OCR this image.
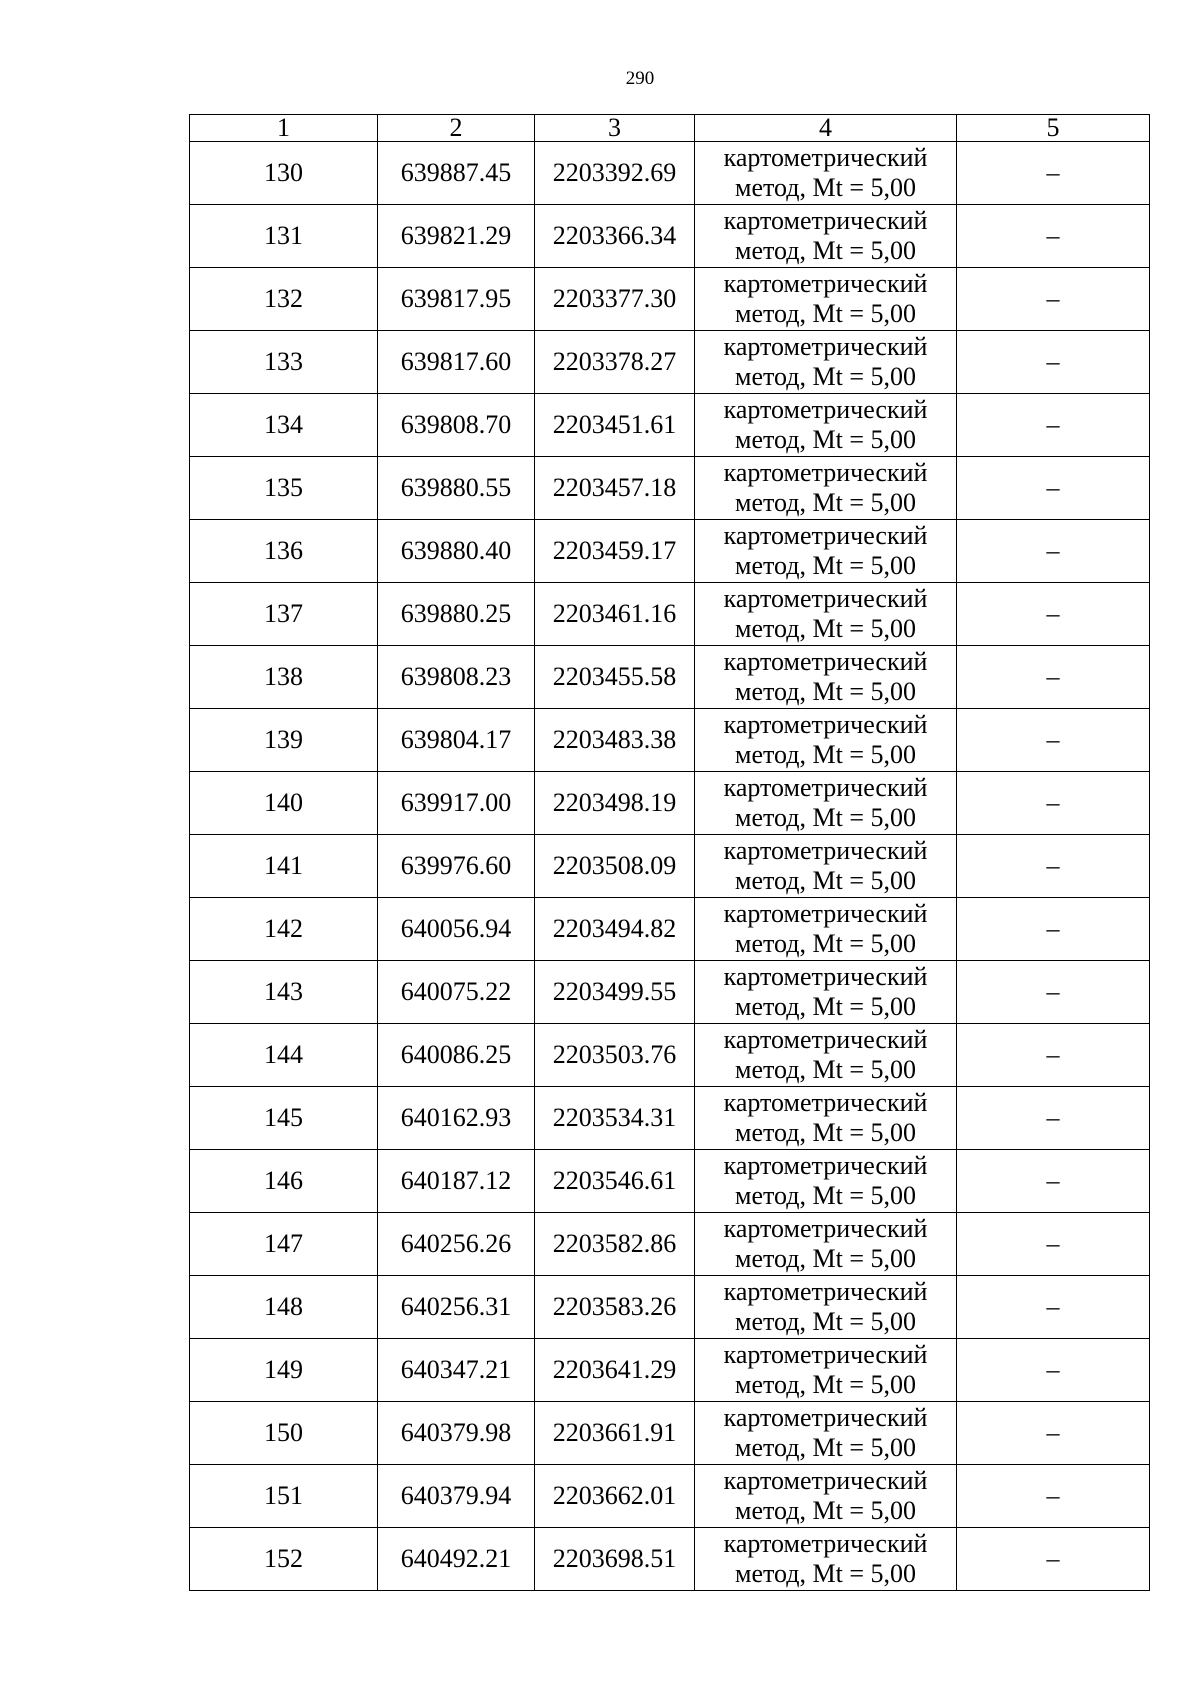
290
1	2	3	4	5
130	639887.45	2203392.69	картометрический
метод, Mt = 5,00	–
131	639821.29	2203366.34	картометрический
метод, Mt = 5,00	–
132	639817.95	2203377.30	картометрический
метод, Mt = 5,00	–
133	639817.60	2203378.27	картометрический
метод, Mt = 5,00	–
134	639808.70	2203451.61	картометрический
метод, Mt = 5,00	–
135	639880.55	2203457.18	картометрический
метод, Mt = 5,00	–
136	639880.40	2203459.17	картометрический
метод, Mt = 5,00	–
137	639880.25	2203461.16	картометрический
метод, Mt = 5,00	–
138	639808.23	2203455.58	картометрический
метод, Mt = 5,00	–
139	639804.17	2203483.38	картометрический
метод, Mt = 5,00	–
140	639917.00	2203498.19	картометрический
метод, Mt = 5,00	–
141	639976.60	2203508.09	картометрический
метод, Mt = 5,00	–
142	640056.94	2203494.82	картометрический
метод, Mt = 5,00	–
143	640075.22	2203499.55	картометрический
метод, Mt = 5,00	–
144	640086.25	2203503.76	картометрический
метод, Mt = 5,00	–
145	640162.93	2203534.31	картометрический
метод, Mt = 5,00	–
146	640187.12	2203546.61	картометрический
метод, Mt = 5,00	–
147	640256.26	2203582.86	картометрический
метод, Mt = 5,00	–
148	640256.31	2203583.26	картометрический
метод, Mt = 5,00	–
149	640347.21	2203641.29	картометрический
метод, Mt = 5,00	–
150	640379.98	2203661.91	картометрический
метод, Mt = 5,00	–
151	640379.94	2203662.01	картометрический
метод, Mt = 5,00	–
152	640492.21	2203698.51	картометрический
метод, Mt = 5,00	–
